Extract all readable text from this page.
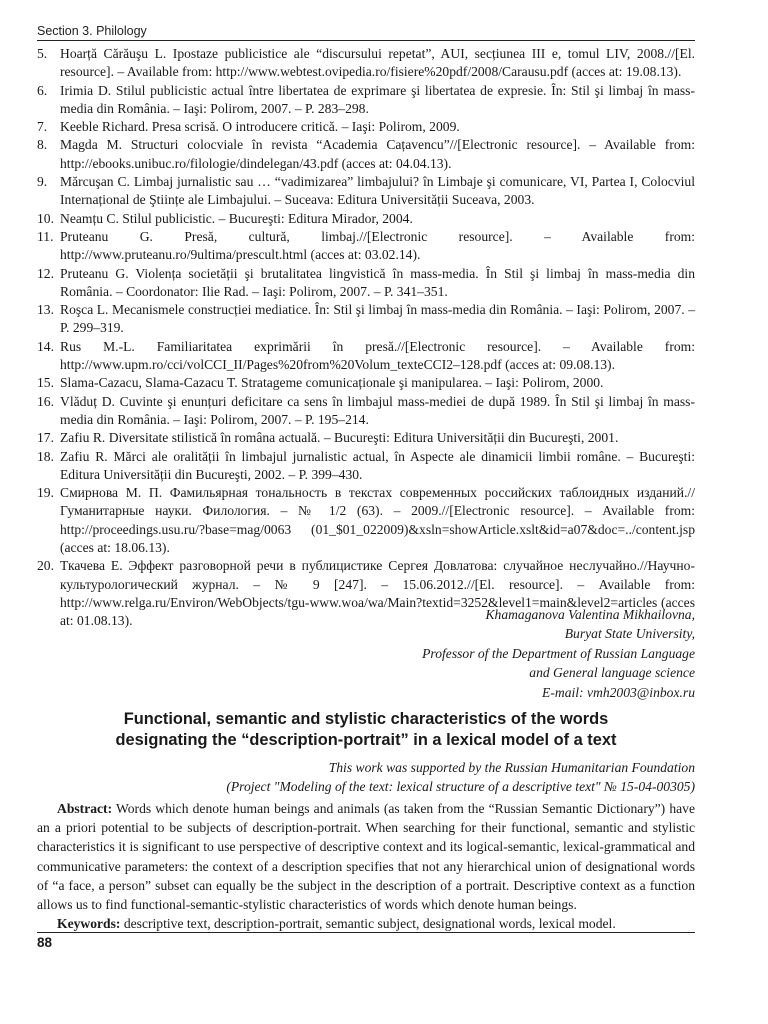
Section 3. Philology
5. Hoarță Cărăuşu L. Ipostaze publicistice ale “discursului repetat”, AUI, secțiunea III e, tomul LIV, 2008.//[El. resource]. – Available from: http://www.webtest.ovipedia.ro/fisiere%20pdf/2008/Carausu.pdf (acces at: 19.08.13).
6. Irimia D. Stilul publicistic actual între libertatea de exprimare şi libertatea de expresie. În: Stil şi limbaj în mass-media din România. – Iaşi: Polirom, 2007. – P. 283–298.
7. Keeble Richard. Presa scrisă. O introducere critică. – Iaşi: Polirom, 2009.
8. Magda M. Structuri colocviale în revista “Academia Cațavencu”//[Electronic resource]. – Available from: http://ebooks.unibuc.ro/filologie/dindelegan/43.pdf (acces at: 04.04.13).
9. Mărcuşan C. Limbaj jurnalistic sau … “vadimizarea” limbajului? în Limbaje şi comunicare, VI, Partea I, Colocviul Internațional de Ştiințe ale Limbajului. – Suceava: Editura Universității Suceava, 2003.
10. Neamțu C. Stilul publicistic. – Bucureşti: Editura Mirador, 2004.
11. Pruteanu G. Presă, cultură, limbaj.//[Electronic resource]. – Available from: http://www.pruteanu.ro/9ultima/prescult.html (acces at: 03.02.14).
12. Pruteanu G. Violența societății şi brutalitatea lingvistică în mass-media. În Stil şi limbaj în mass-media din România. – Coordonator: Ilie Rad. – Iaşi: Polirom, 2007. – P. 341–351.
13. Roşca L. Mecanismele construcției mediatice. În: Stil şi limbaj în mass-media din România. – Iaşi: Polirom, 2007. – P. 299–319.
14. Rus M.-L. Familiaritatea exprimării în presă.//[Electronic resource]. – Available from: http://www.upm.ro/cci/volCCI_II/Pages%20from%20Volum_texteCCI2–128.pdf (acces at: 09.08.13).
15. Slama-Cazacu, Slama-Cazacu T. Stratageme comunicaționale şi manipularea. – Iaşi: Polirom, 2000.
16. Vlăduț D. Cuvinte şi enunțuri deficitare ca sens în limbajul mass-mediei de după 1989. În Stil şi limbaj în mass-media din România. – Iaşi: Polirom, 2007. – P. 195–214.
17. Zafiu R. Diversitate stilistică în româna actuală. – Bucureşti: Editura Universității din Bucureşti, 2001.
18. Zafiu R. Mărci ale oralității în limbajul jurnalistic actual, în Aspecte ale dinamicii limbii române. – Bucureşti: Editura Universității din Bucureşti, 2002. – P. 399–430.
19. Смирнова М. П. Фамильярная тональность в текстах современных российских таблоидных изданий.//Гуманитарные науки. Филология. – № 1/2 (63). – 2009.//[Electronic resource]. – Available from: http://proceedings.usu.ru/?base=mag/0063 (01_$01_022009)&xsln=showArticle.xslt&id=a07&doc=../content.jsp (acces at: 18.06.13).
20. Ткачева Е. Эффект разговорной речи в публицистике Сергея Довлатова: случайное неслучайно.//Научно-культурологический журнал. – № 9 [247]. – 15.06.2012.//[El. resource]. – Available from: http://www.relga.ru/Environ/WebObjects/tgu-www.woa/wa/Main?textid=3252&level1=main&level2=articles (acces at: 01.08.13).	Khamaganova Valentina Mikhailovna,
Buryat State University,
Professor of the Department of Russian Language
and General language science
E-mail: vmh2003@inbox.ru
Functional, semantic and stylistic characteristics of the words
designating the “description-portrait” in a lexical model of a text
This work was supported by the Russian Humanitarian Foundation
(Project "Modeling of the text: lexical structure of a descriptive text" № 15-04-00305)

Abstract: Words which denote human beings and animals (as taken from the “Russian Semantic Dictionary”) have an a priori potential to be subjects of description-portrait. When searching for their functional, semantic and stylistic characteristics it is significant to use perspective of descriptive context and its logical-semantic, lexical-grammatical and communicative parameters: the context of a description specifies that not any hierarchical union of designational words of “a face, a person” subset can equally be the subject in the description of a portrait. Descriptive context as a function allows us to find functional-semantic-stylistic characteristics of words which denote human beings.

Keywords: descriptive text, description-portrait, semantic subject, designational words, lexical model.

88
